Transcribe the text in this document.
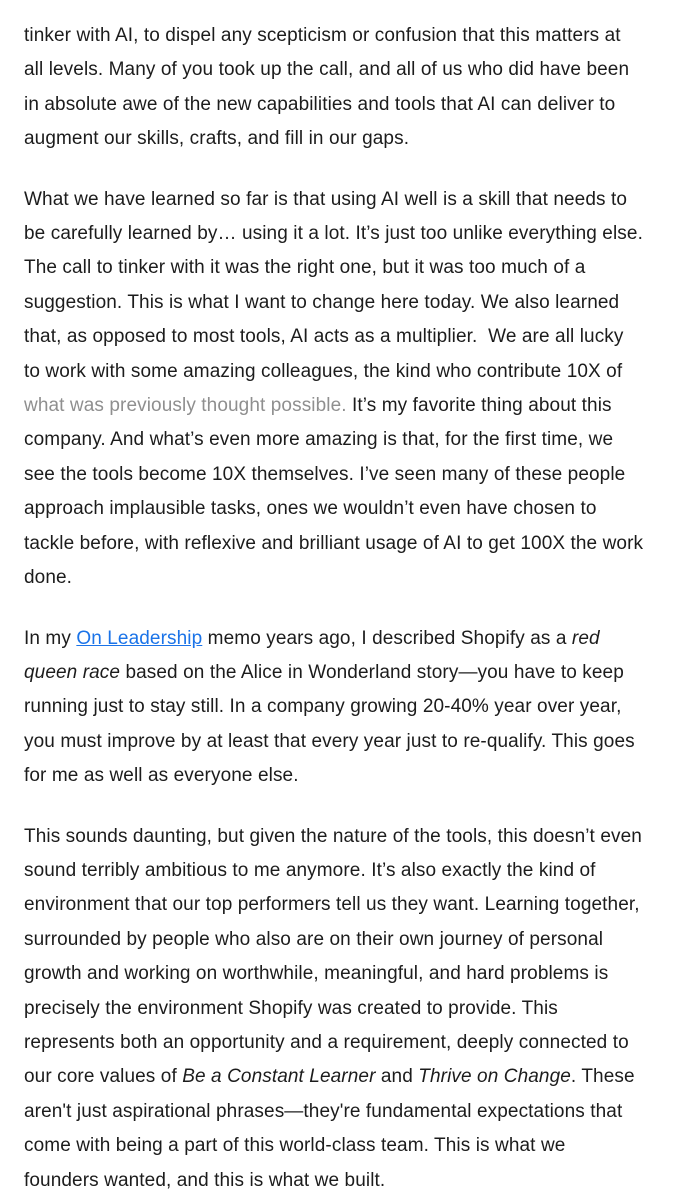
tinker with AI, to dispel any scepticism or confusion that this matters at
all levels. Many of you took up the call, and all of us who did have been
in absolute awe of the new capabilities and tools that AI can deliver to
augment our skills, crafts, and fill in our gaps.
What we have learned so far is that using AI well is a skill that needs to
be carefully learned by… using it a lot. It’s just too unlike everything else.
The call to tinker with it was the right one, but it was too much of a
suggestion. This is what I want to change here today. We also learned
that, as opposed to most tools, AI acts as a multiplier.  We are all lucky
to work with some amazing colleagues, the kind who contribute 10X of
what was previously thought possible. It’s my favorite thing about this
company. And what’s even more amazing is that, for the first time, we
see the tools become 10X themselves. I’ve seen many of these people
approach implausible tasks, ones we wouldn’t even have chosen to
tackle before, with reflexive and brilliant usage of AI to get 100X the work
done.
In my On Leadership memo years ago, I described Shopify as a red
queen race based on the Alice in Wonderland story—you have to keep
running just to stay still. In a company growing 20-40% year over year,
you must improve by at least that every year just to re-qualify. This goes
for me as well as everyone else.
This sounds daunting, but given the nature of the tools, this doesn’t even
sound terribly ambitious to me anymore. It’s also exactly the kind of
environment that our top performers tell us they want. Learning together,
surrounded by people who also are on their own journey of personal
growth and working on worthwhile, meaningful, and hard problems is
precisely the environment Shopify was created to provide. This
represents both an opportunity and a requirement, deeply connected to
our core values of Be a Constant Learner and Thrive on Change. These
aren't just aspirational phrases—they're fundamental expectations that
come with being a part of this world-class team. This is what we
founders wanted, and this is what we built.
